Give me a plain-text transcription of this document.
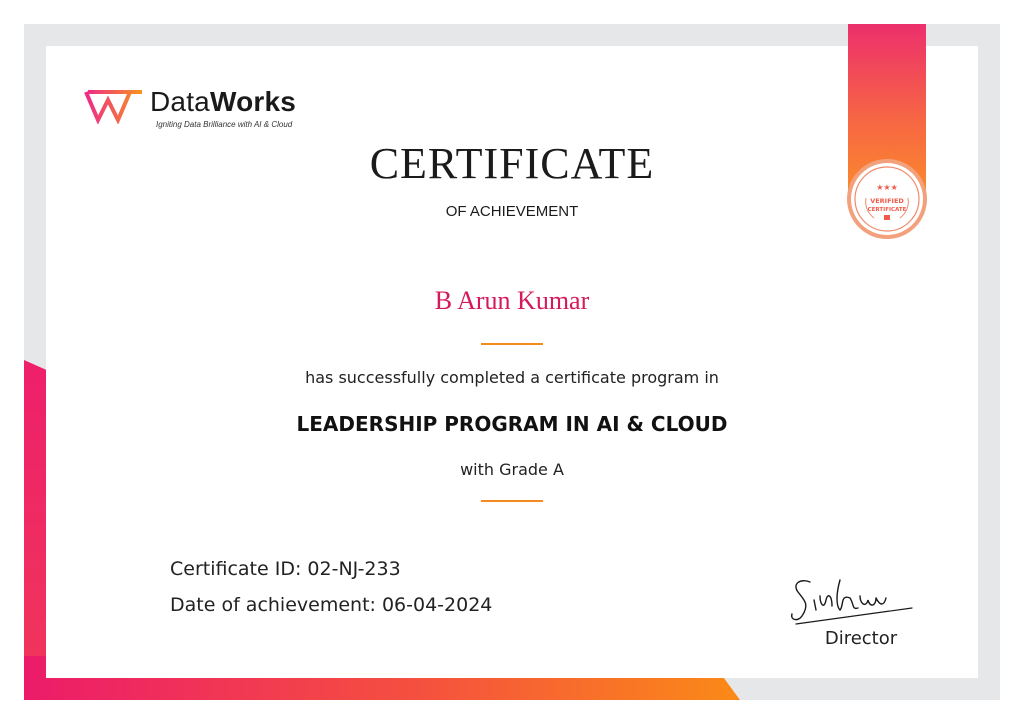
★★★
VERIFIED
CERTIFICATE
DataWorks
Igniting Data Brilliance with AI & Cloud
CERTIFICATE
OF ACHIEVEMENT
B Arun Kumar
has successfully completed a certificate program in
LEADERSHIP PROGRAM IN AI & CLOUD
with Grade A
Certificate ID: 02-NJ-233
Date of achievement: 06-04-2024
Director
